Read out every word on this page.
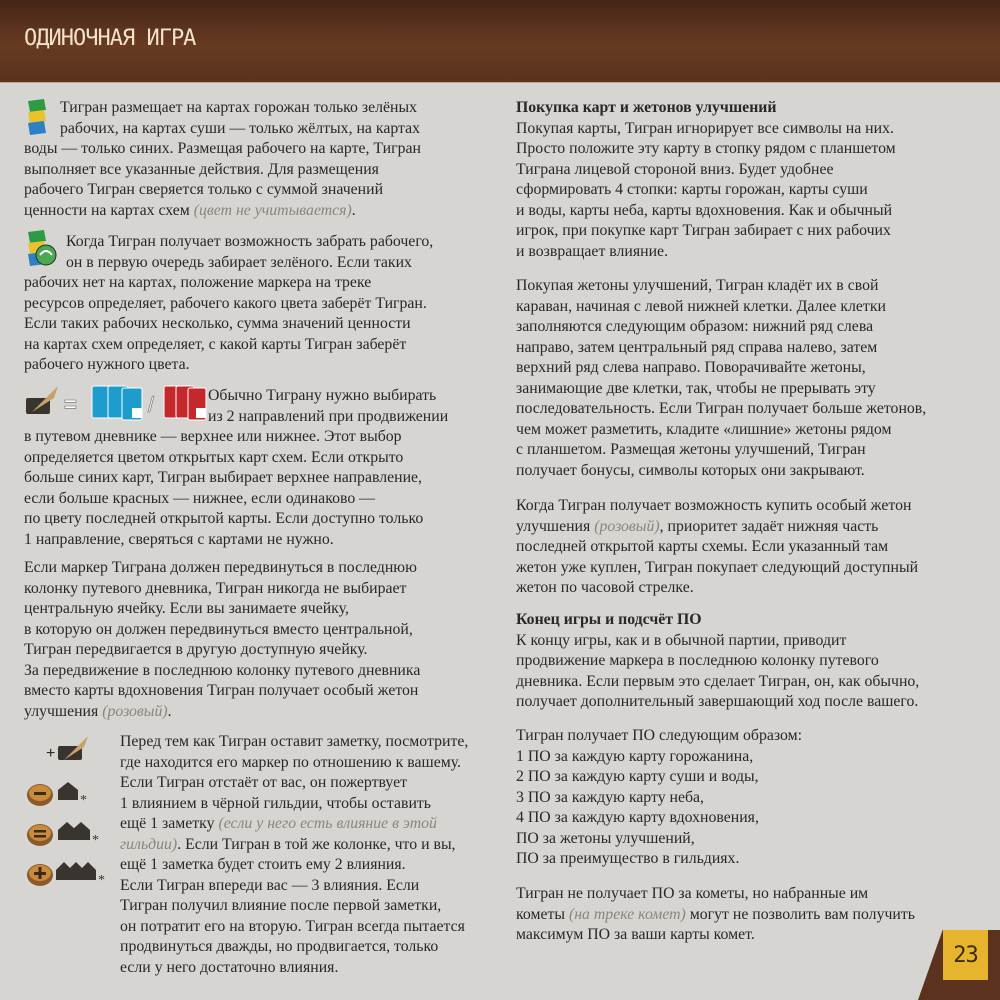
ОДИНОЧНАЯ ИГРА
23
Тигран размещает на картах горожан только зелёных
рабочих, на картах суши — только жёлтых, на картах
воды — только синих. Размещая рабочего на карте, Тигран
выполняет все указанные действия. Для размещения
рабочего Тигран сверяется только с суммой значений
ценности на картах схем (цвет не учитывается).
Когда Тигран получает возможность забрать рабочего,
он в первую очередь забирает зелёного. Если таких
рабочих нет на картах, положение маркера на треке
ресурсов определяет, рабочего какого цвета заберёт Тигран.
Если таких рабочих несколько, сумма значений ценности
на картах схем определяет, с какой карты Тигран заберёт
рабочего нужного цвета.
=	/	Обычно Тиграну нужно выбирать
из 2 направлений при продвижении
в путевом дневнике — верхнее или нижнее. Этот выбор
определяется цветом открытых карт схем. Если открыто
больше синих карт, Тигран выбирает верхнее направление,
если больше красных — нижнее, если одинаково —
по цвету последней открытой карты. Если доступно только
1 направление, сверяться с картами не нужно.
Если маркер Тиграна должен передвинуться в последнюю
колонку путевого дневника, Тигран никогда не выбирает
центральную ячейку. Если вы занимаете ячейку,
в которую он должен передвинуться вместо центральной,
Тигран передвигается в другую доступную ячейку.
За передвижение в последнюю колонку путевого дневника
вместо карты вдохновения Тигран получает особый жетон
улучшения (розовый).
+
*
*
*
Перед тем как Тигран оставит заметку, посмотрите,
где находится его маркер по отношению к вашему.
Если Тигран отстаёт от вас, он пожертвует
1 влиянием в чёрной гильдии, чтобы оставить
ещё 1 заметку (если у него есть влияние в этой
гильдии). Если Тигран в той же колонке, что и вы,
ещё 1 заметка будет стоить ему 2 влияния.
Если Тигран впереди вас — 3 влияния. Если
Тигран получил влияние после первой заметки,
он потратит его на вторую. Тигран всегда пытается
продвинуться дважды, но продвигается, только
если у него достаточно влияния.
Покупка карт и жетонов улучшений
Покупая карты, Тигран игнорирует все символы на них.
Просто положите эту карту в стопку рядом с планшетом
Тиграна лицевой стороной вниз. Будет удобнее
сформировать 4 стопки: карты горожан, карты суши
и воды, карты неба, карты вдохновения. Как и обычный
игрок, при покупке карт Тигран забирает с них рабочих
и возвращает влияние.
Покупая жетоны улучшений, Тигран кладёт их в свой
караван, начиная с левой нижней клетки. Далее клетки
заполняются следующим образом: нижний ряд слева
направо, затем центральный ряд справа налево, затем
верхний ряд слева направо. Поворачивайте жетоны,
занимающие две клетки, так, чтобы не прерывать эту
последовательность. Если Тигран получает больше жетонов,
чем может разметить, кладите «лишние» жетоны рядом
с планшетом. Размещая жетоны улучшений, Тигран
получает бонусы, символы которых они закрывают.
Когда Тигран получает возможность купить особый жетон
улучшения (розовый), приоритет задаёт нижняя часть
последней открытой карты схемы. Если указанный там
жетон уже куплен, Тигран покупает следующий доступный
жетон по часовой стрелке.
Конец игры и подсчёт ПО
К концу игры, как и в обычной партии, приводит
продвижение маркера в последнюю колонку путевого
дневника. Если первым это сделает Тигран, он, как обычно,
получает дополнительный завершающий ход после вашего.
Тигран получает ПО следующим образом:
1 ПО за каждую карту горожанина,
2 ПО за каждую карту суши и воды,
3 ПО за каждую карту неба,
4 ПО за каждую карту вдохновения,
ПО за жетоны улучшений,
ПО за преимущество в гильдиях.
Тигран не получает ПО за кометы, но набранные им
кометы (на треке комет) могут не позволить вам получить
максимум ПО за ваши карты комет.
